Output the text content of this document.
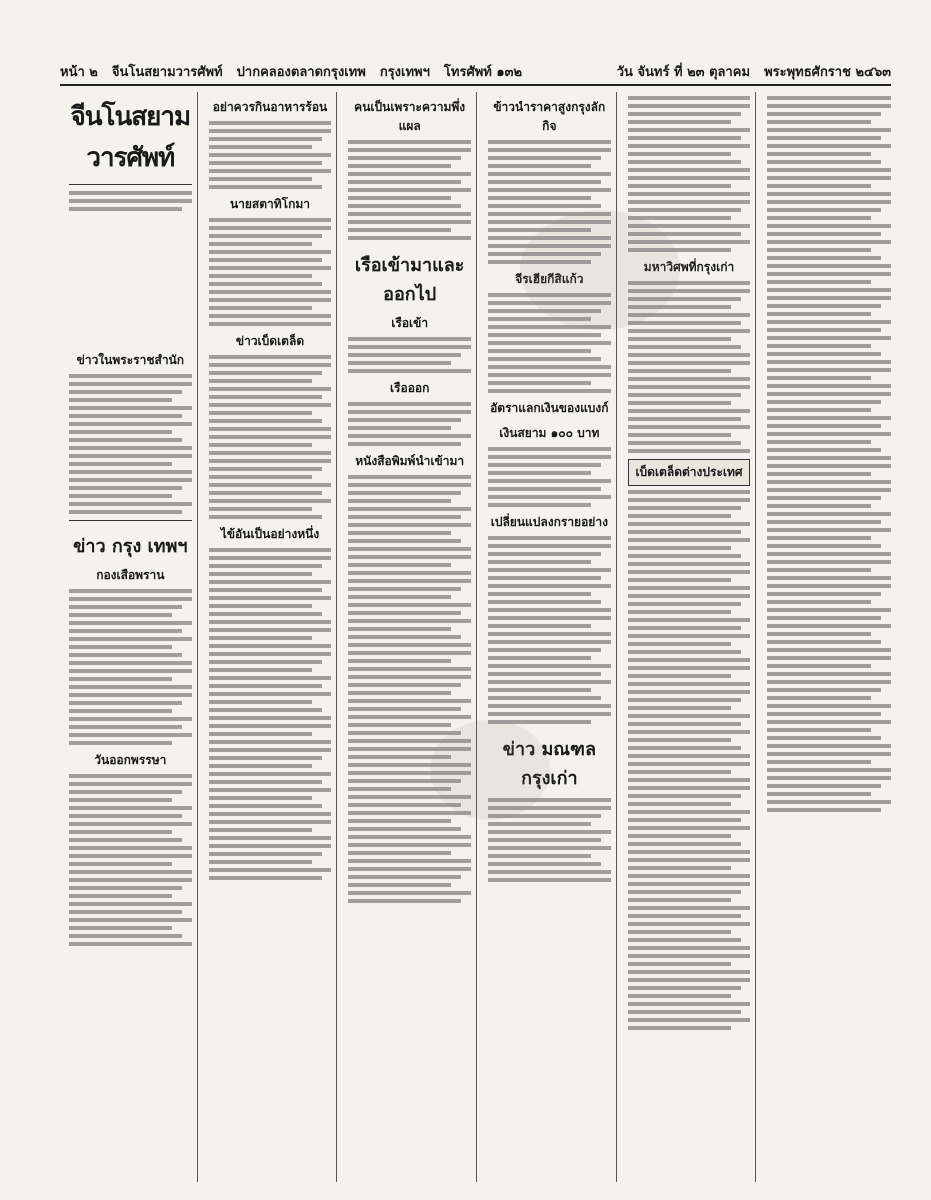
หน้า ๒ จีนโนสยามวารศัพท์ ปากคลองตลาดกรุงเทพ กรุงเทพฯ โทรศัพท์ ๑๓๒	วัน จันทร์ ที่ ๒๓ ตุลาคม พระพุทธศักราช ๒๔๖๓
จีนโนสยามวารศัพท์
ข่าวในพระราชสำนัก
ข่าว กรุง เทพฯ
กองเสือพราน
วันออกพรรษา
อย่าควรกินอาหารร้อน
นายสตาทิโกมา
ข่าวเบ็ดเตล็ด
ไข้อันเป็นอย่างหนึ่ง
คนเป็นเพราะความพึ่งแผล
เรือเข้ามาและออกไป
เรือเข้า
เรือออก
หนังสือพิมพ์นำเข้ามา
ข้าวนำราคาสูงกรุงลักกิจ
จีรเฮียกีสิแก้ว
อัตราแลกเงินของแบงก์
เงินสยาม ๑๐๐ บาท
เปลี่ยนแปลงกรายอย่าง
ข่าว มณฑล กรุงเก่า
มหาวิศพที่กรุงเก่า
เบ็ดเตล็ดต่างประเทศ
